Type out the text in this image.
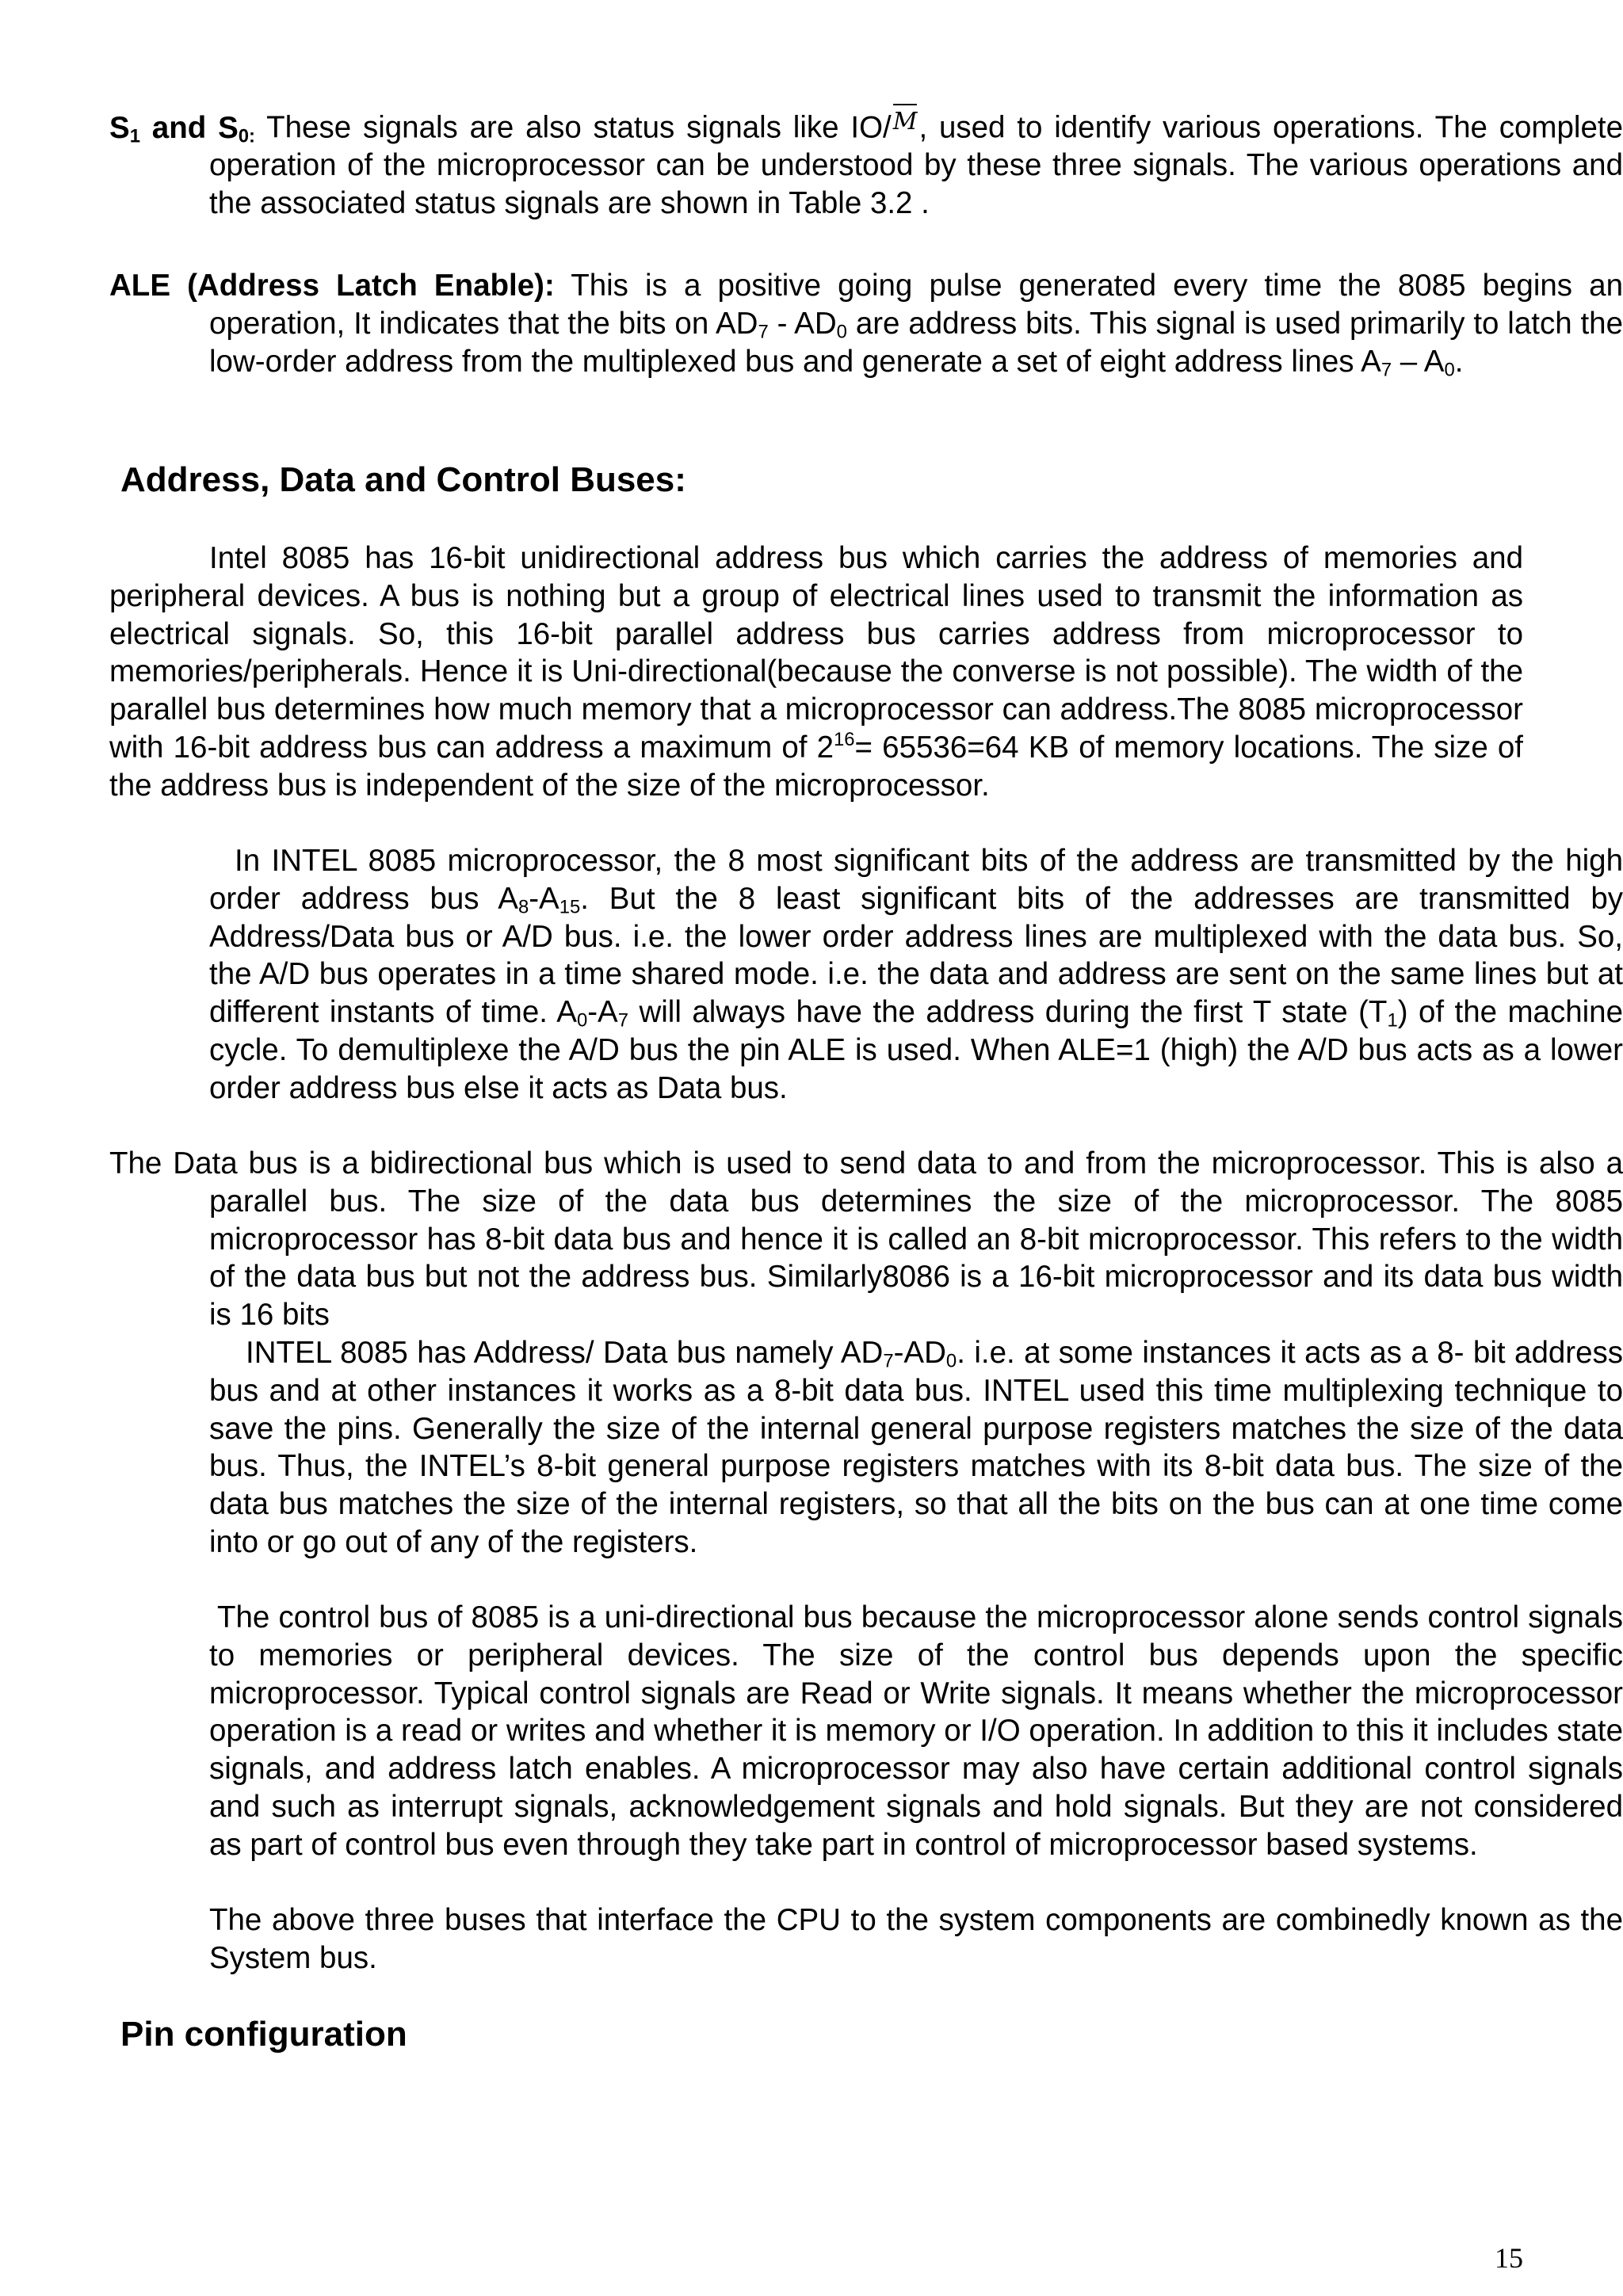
$S_1$ and $S_{0:}$ These signals are also status signals like IO/M, used to identify various operations. The complete operation of the microprocessor can be understood by these three signals. The various operations and the associated status signals are shown in Table 3.2 .
ALE (Address Latch Enable): This is a positive going pulse generated every time the 8085 begins an operation, It indicates that the bits on $AD_7 - AD_0$ are address bits. This signal is used primarily to latch the low-order address from the multiplexed bus and generate a set of eight address lines $A_7 - A_0$.
Address, Data and Control Buses:
Intel 8085 has 16-bit unidirectional address bus which carries the address of memories and peripheral devices. A bus is nothing but a group of electrical lines used to transmit the information as electrical signals. So, this 16-bit parallel address bus carries address from microprocessor to memories/peripherals. Hence it is Uni-directional(because the converse is not possible). The width of the parallel bus determines how much memory that a microprocessor can address.The 8085 microprocessor with 16-bit address bus can address a maximum of $2^{16}= 65536=64$ KB of memory locations. The size of the address bus is independent of the size of the microprocessor.
In INTEL 8085 microprocessor, the 8 most significant bits of the address are transmitted by the high order address bus $A_8-A_{15}$. But the 8 least significant bits of the addresses are transmitted by Address/Data bus or A/D bus. i.e. the lower order address lines are multiplexed with the data bus. So, the A/D bus operates in a time shared mode. i.e. the data and address are sent on the same lines but at different instants of time. $A_0-A_7$ will always have the address during the first T state $(T_1)$ of the machine cycle. To demultiplexe the A/D bus the pin ALE is used. When ALE=1 (high) the A/D bus acts as a lower order address bus else it acts as Data bus.
The Data bus is a bidirectional bus which is used to send data to and from the microprocessor. This is also a parallel bus. The size of the data bus determines the size of the microprocessor. The 8085 microprocessor has 8-bit data bus and hence it is called an 8-bit microprocessor. This refers to the width of the data bus but not the address bus. Similarly8086 is a 16-bit microprocessor and its data bus width is 16 bits
INTEL 8085 has Address/ Data bus namely $AD_7-AD_0$. i.e. at some instances it acts as a 8- bit address bus and at other instances it works as a 8-bit data bus. INTEL used this time multiplexing technique to save the pins. Generally the size of the internal general purpose registers matches the size of the data bus. Thus, the INTEL’s 8-bit general purpose registers matches with its 8-bit data bus. The size of the data bus matches the size of the internal registers, so that all the bits on the bus can at one time come into or go out of any of the registers.
The control bus of 8085 is a uni-directional bus because the microprocessor alone sends control signals to memories or peripheral devices. The size of the control bus depends upon the specific microprocessor. Typical control signals are Read or Write signals. It means whether the microprocessor operation is a read or writes and whether it is memory or I/O operation. In addition to this it includes state signals, and address latch enables. A microprocessor may also have certain additional control signals and such as interrupt signals, acknowledgement signals and hold signals. But they are not considered as part of control bus even through they take part in control of microprocessor based systems.
The above three buses that interface the CPU to the system components are combinedly known as the System bus.
Pin configuration
15
